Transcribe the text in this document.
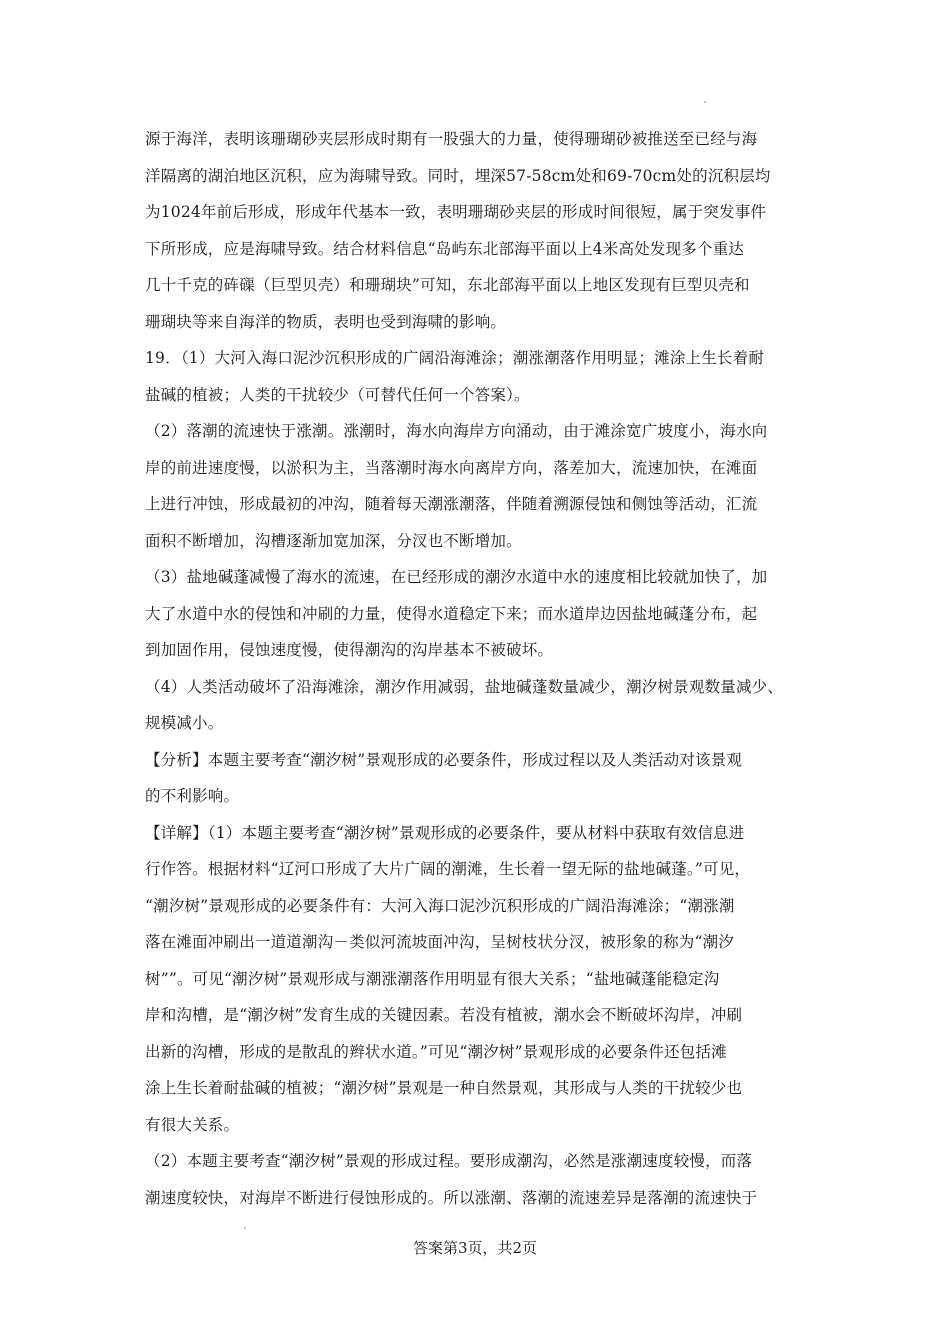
源于海洋，表明该珊瑚砂夹层形成时期有一股强大的力量，使得珊瑚砂被推送至已经与海
洋隔离的湖泊地区沉积，应为海啸导致。同时，埋深57-58cm处和69-70cm处的沉积层均
为1024年前后形成，形成年代基本一致，表明珊瑚砂夹层的形成时间很短，属于突发事件
下所形成，应是海啸导致。结合材料信息“岛屿东北部海平面以上4米高处发现多个重达
几十千克的砗磲（巨型贝壳）和珊瑚块”可知，东北部海平面以上地区发现有巨型贝壳和
珊瑚块等来自海洋的物质，表明也受到海啸的影响。
19．（1）大河入海口泥沙沉积形成的广阔沿海滩涂；潮涨潮落作用明显；滩涂上生长着耐
盐碱的植被；人类的干扰较少（可替代任何一个答案）。
（2）落潮的流速快于涨潮。涨潮时，海水向海岸方向涌动，由于滩涂宽广坡度小，海水向
岸的前进速度慢，以淤积为主，当落潮时海水向离岸方向，落差加大，流速加快，在滩面
上进行冲蚀，形成最初的冲沟，随着每天潮涨潮落，伴随着溯源侵蚀和侧蚀等活动，汇流
面积不断增加，沟槽逐渐加宽加深，分汊也不断增加。
（3）盐地碱蓬减慢了海水的流速，在已经形成的潮汐水道中水的速度相比较就加快了，加
大了水道中水的侵蚀和冲刷的力量，使得水道稳定下来；而水道岸边因盐地碱蓬分布，起
到加固作用，侵蚀速度慢，使得潮沟的沟岸基本不被破坏。
（4）人类活动破坏了沿海滩涂，潮汐作用减弱，盐地碱蓬数量减少，潮汐树景观数量减少、
规模减小。
【分析】本题主要考查“潮汐树”景观形成的必要条件，形成过程以及人类活动对该景观
的不利影响。
【详解】（1）本题主要考查“潮汐树”景观形成的必要条件，要从材料中获取有效信息进
行作答。根据材料“辽河口形成了大片广阔的潮滩，生长着一望无际的盐地碱蓬。”可见，
“潮汐树”景观形成的必要条件有：大河入海口泥沙沉积形成的广阔沿海滩涂；“潮涨潮
落在滩面冲刷出一道道潮沟－类似河流坡面冲沟，呈树枝状分汊，被形象的称为“潮汐
树””。可见“潮汐树”景观形成与潮涨潮落作用明显有很大关系；“盐地碱蓬能稳定沟
岸和沟槽，是“潮汐树”发育生成的关键因素。若没有植被，潮水会不断破坏沟岸，冲刷
出新的沟槽，形成的是散乱的辫状水道。”可见“潮汐树”景观形成的必要条件还包括滩
涂上生长着耐盐碱的植被；“潮汐树”景观是一种自然景观，其形成与人类的干扰较少也
有很大关系。
（2）本题主要考查“潮汐树”景观的形成过程。要形成潮沟，必然是涨潮速度较慢，而落
潮速度较快，对海岸不断进行侵蚀形成的。所以涨潮、落潮的流速差异是落潮的流速快于
答案第3页，共2页
